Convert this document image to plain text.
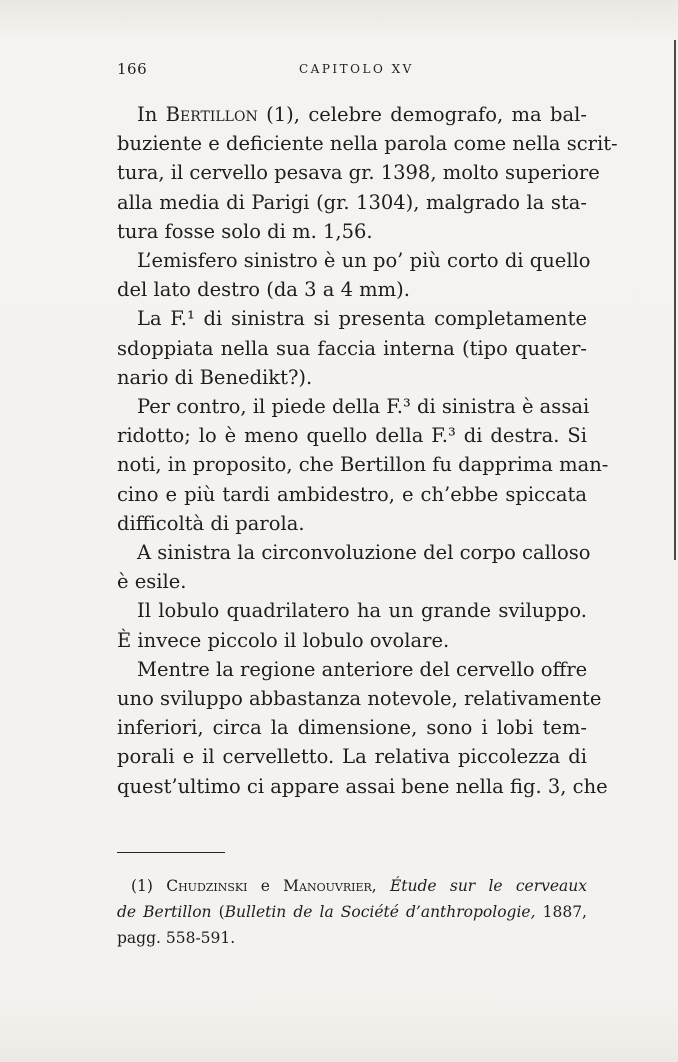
166	CAPITOLO XV
In Bertillon (1), celebre demografo, ma bal-
buziente e deficiente nella parola come nella scrit-
tura, il cervello pesava gr. 1398, molto superiore
alla media di Parigi (gr. 1304), malgrado la sta-
tura fosse solo di m. 1,56.
L’emisfero sinistro è un po’ più corto di quello
del lato destro (da 3 a 4 mm).
La F.¹ di sinistra si presenta completamente
sdoppiata nella sua faccia interna (tipo quater-
nario di Benedikt?).
Per contro, il piede della F.³ di sinistra è assai
ridotto; lo è meno quello della F.³ di destra. Si
noti, in proposito, che Bertillon fu dapprima man-
cino e più tardi ambidestro, e ch’ebbe spiccata
difficoltà di parola.
A sinistra la circonvoluzione del corpo calloso
è esile.
Il lobulo quadrilatero ha un grande sviluppo.
È invece piccolo il lobulo ovolare.
Mentre la regione anteriore del cervello offre
uno sviluppo abbastanza notevole, relativamente
inferiori, circa la dimensione, sono i lobi tem-
porali e il cervelletto. La relativa piccolezza di
quest’ultimo ci appare assai bene nella fig. 3, che
(1) Chudzinski e Manouvrier, Étude sur le cerveaux
de Bertillon (Bulletin de la Société d’anthropologie, 1887,
pagg. 558-591.
